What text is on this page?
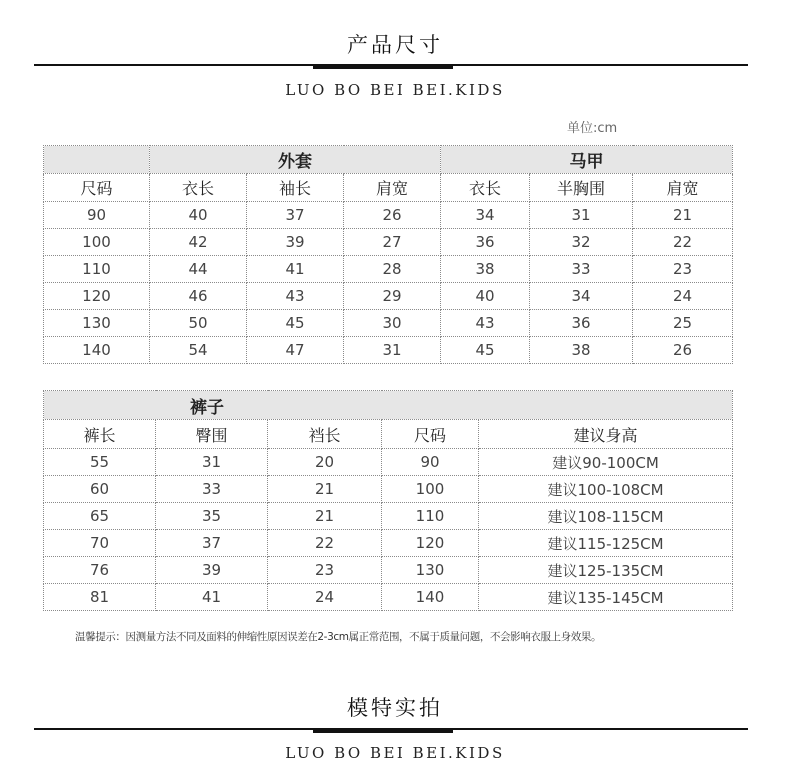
产品尺寸
LUO BO BEI BEI.KIDS
单位:cm
	外套			马甲		
尺码	衣长	袖长	肩宽	衣长	半胸围	肩宽
90	40	37	26	34	31	21
100	42	39	27	36	32	22
110	44	41	28	38	33	23
120	46	43	29	40	34	24
130	50	45	30	43	36	25
140	54	47	31	45	38	26
裤子				
裤长	臀围	裆长	尺码	建议身高
55	31	20	90	建议90-100CM
60	33	21	100	建议100-108CM
65	35	21	110	建议108-115CM
70	37	22	120	建议115-125CM
76	39	23	130	建议125-135CM
81	41	24	140	建议135-145CM
温馨提示：因测量方法不同及面料的伸缩性原因误差在2-3cm属正常范围，不属于质量问题，不会影响衣服上身效果。
模特实拍
LUO BO BEI BEI.KIDS
